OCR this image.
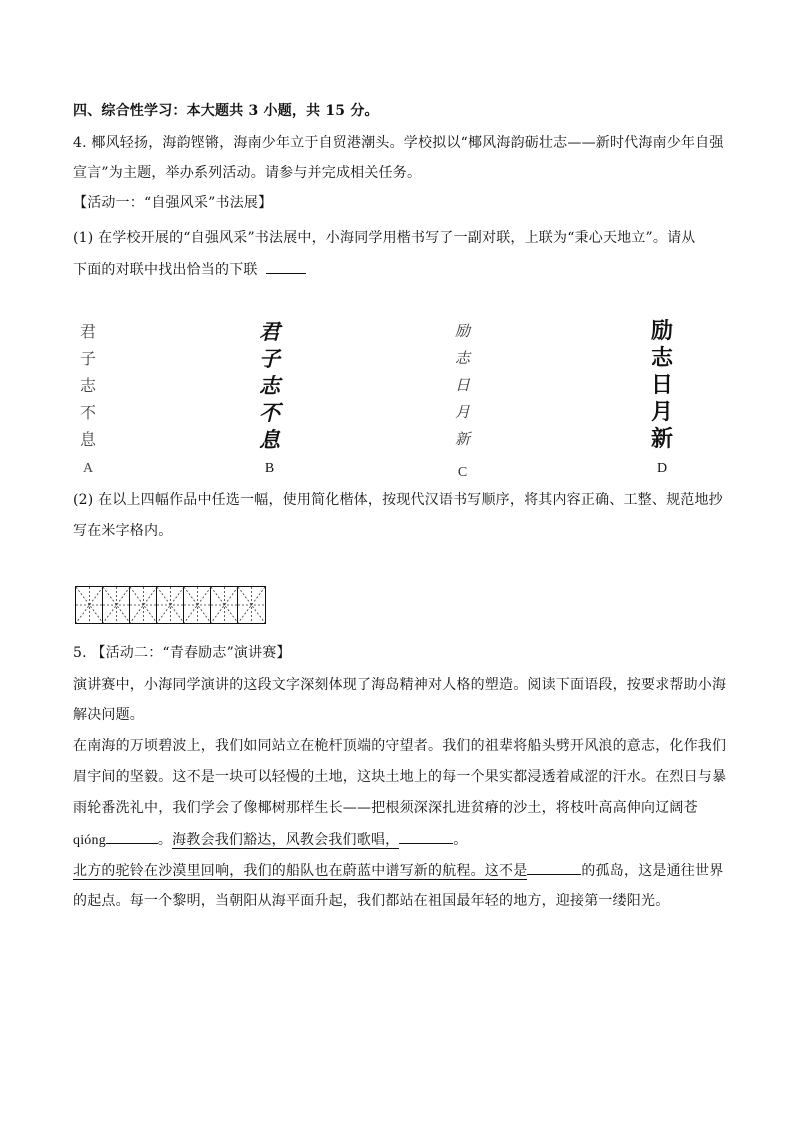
四、综合性学习：本大题共 3 小题，共 15 分。
4. 椰风轻扬，海韵铿锵，海南少年立于自贸港潮头。学校拟以“椰风海韵砺壮志——新时代海南少年自强
宣言”为主题，举办系列活动。请参与并完成相关任务。
【活动一：“自强风采”书法展】
(1) 在学校开展的“自强风采”书法展中，小海同学用楷书写了一副对联，上联为“秉心天地立”。请从
下面的对联中找出恰当的下联
君
子
志
不
息
A
君
子
志
不
息
B
励
志
日
月
新
C
励
志
日
月
新
D
(2) 在以上四幅作品中任选一幅，使用简化楷体，按现代汉语书写顺序，将其内容正确、工整、规范地抄
写在米字格内。
5. 【活动二：“青春励志”演讲赛】
演讲赛中，小海同学演讲的这段文字深刻体现了海岛精神对人格的塑造。阅读下面语段，按要求帮助小海
解决问题。
在南海的万顷碧波上，我们如同站立在桅杆顶端的守望者。我们的祖辈将船头劈开风浪的意志，化作我们
眉宇间的坚毅。这不是一块可以轻慢的土地，这块土地上的每一个果实都浸透着咸涩的汗水。在烈日与暴
雨轮番洗礼中，我们学会了像椰树那样生长——把根须深深扎进贫瘠的沙土，将枝叶高高伸向辽阔苍
qióng	。海教会我们豁达，风教会我们歌唱，	。
北方的驼铃在沙漠里回响，我们的船队也在蔚蓝中谱写新的航程。这不是	的孤岛，这是通往世界
的起点。每一个黎明，当朝阳从海平面升起，我们都站在祖国最年轻的地方，迎接第一缕阳光。
